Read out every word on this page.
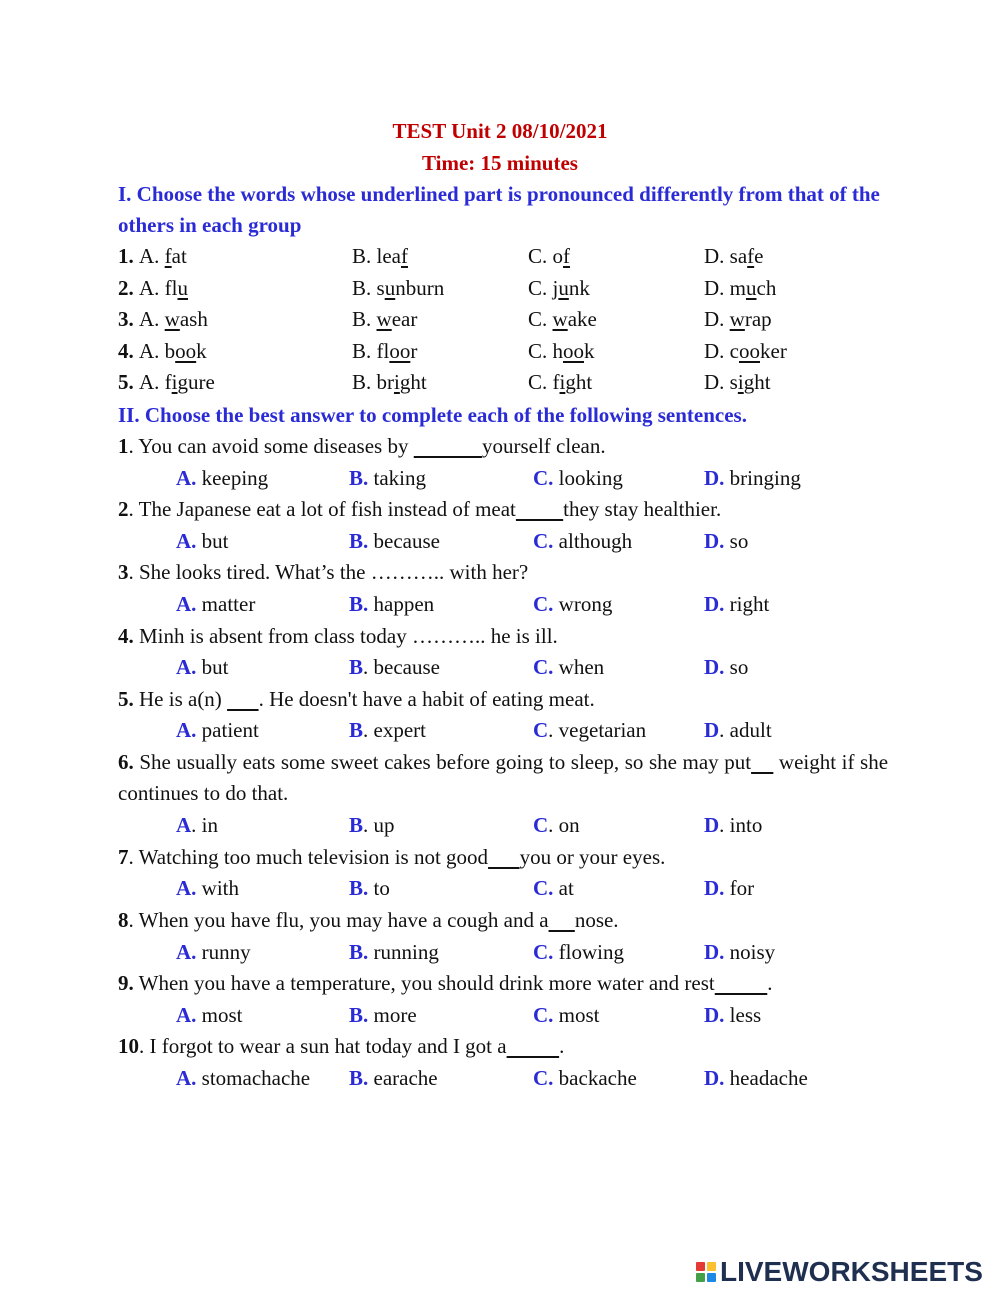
TEST Unit 2 08/10/2021
Time: 15 minutes
I. Choose the words whose underlined part is pronounced differently from that of the others in each group
1. A. fat	B. leaf	C. of	D. safe
2. A. flu	B. sunburn	C. junk	D. much
3. A. wash	B. wear	C. wake	D. wrap
4. A. book	B. floor	C. hook	D. cooker
5. A. figure	B. bright	C. fight	D. sight
II. Choose the best answer to complete each of the following sentences.
1. You can avoid some diseases by	yourself clean.
A. keeping	B. taking	C. looking	D. bringing
2. The Japanese eat a lot of fish instead of meat they stay healthier.
A. but	B. because	C. although	D. so
3. She looks tired. What’s the ……….. with her?
A. matter	B. happen	C. wrong	D. right
4. Minh is absent from class today ……….. he is ill.
A. but	B. because	C. when	D. so
5. He is a(n)       . He doesn't have a habit of eating meat.
A. patient	B. expert	C. vegetarian	D. adult
6. She usually eats some sweet cakes before going to sleep, so she may put     weight if she continues to do that.
A. in	B. up	C. on	D. into
7. Watching too much television is not good you or your eyes.
A. with	B. to	C. at	D. for
8. When you have flu, you may have a cough and a nose.
A. runny	B. running	C. flowing	D. noisy
9. When you have a temperature, you should drink more water and rest	.
A. most	B. more	C. most	D. less
10. I forgot to wear a sun hat today and I got a	.
A. stomachache B. earache	C. backache	D. headache
LIVEWORKSHEETS
